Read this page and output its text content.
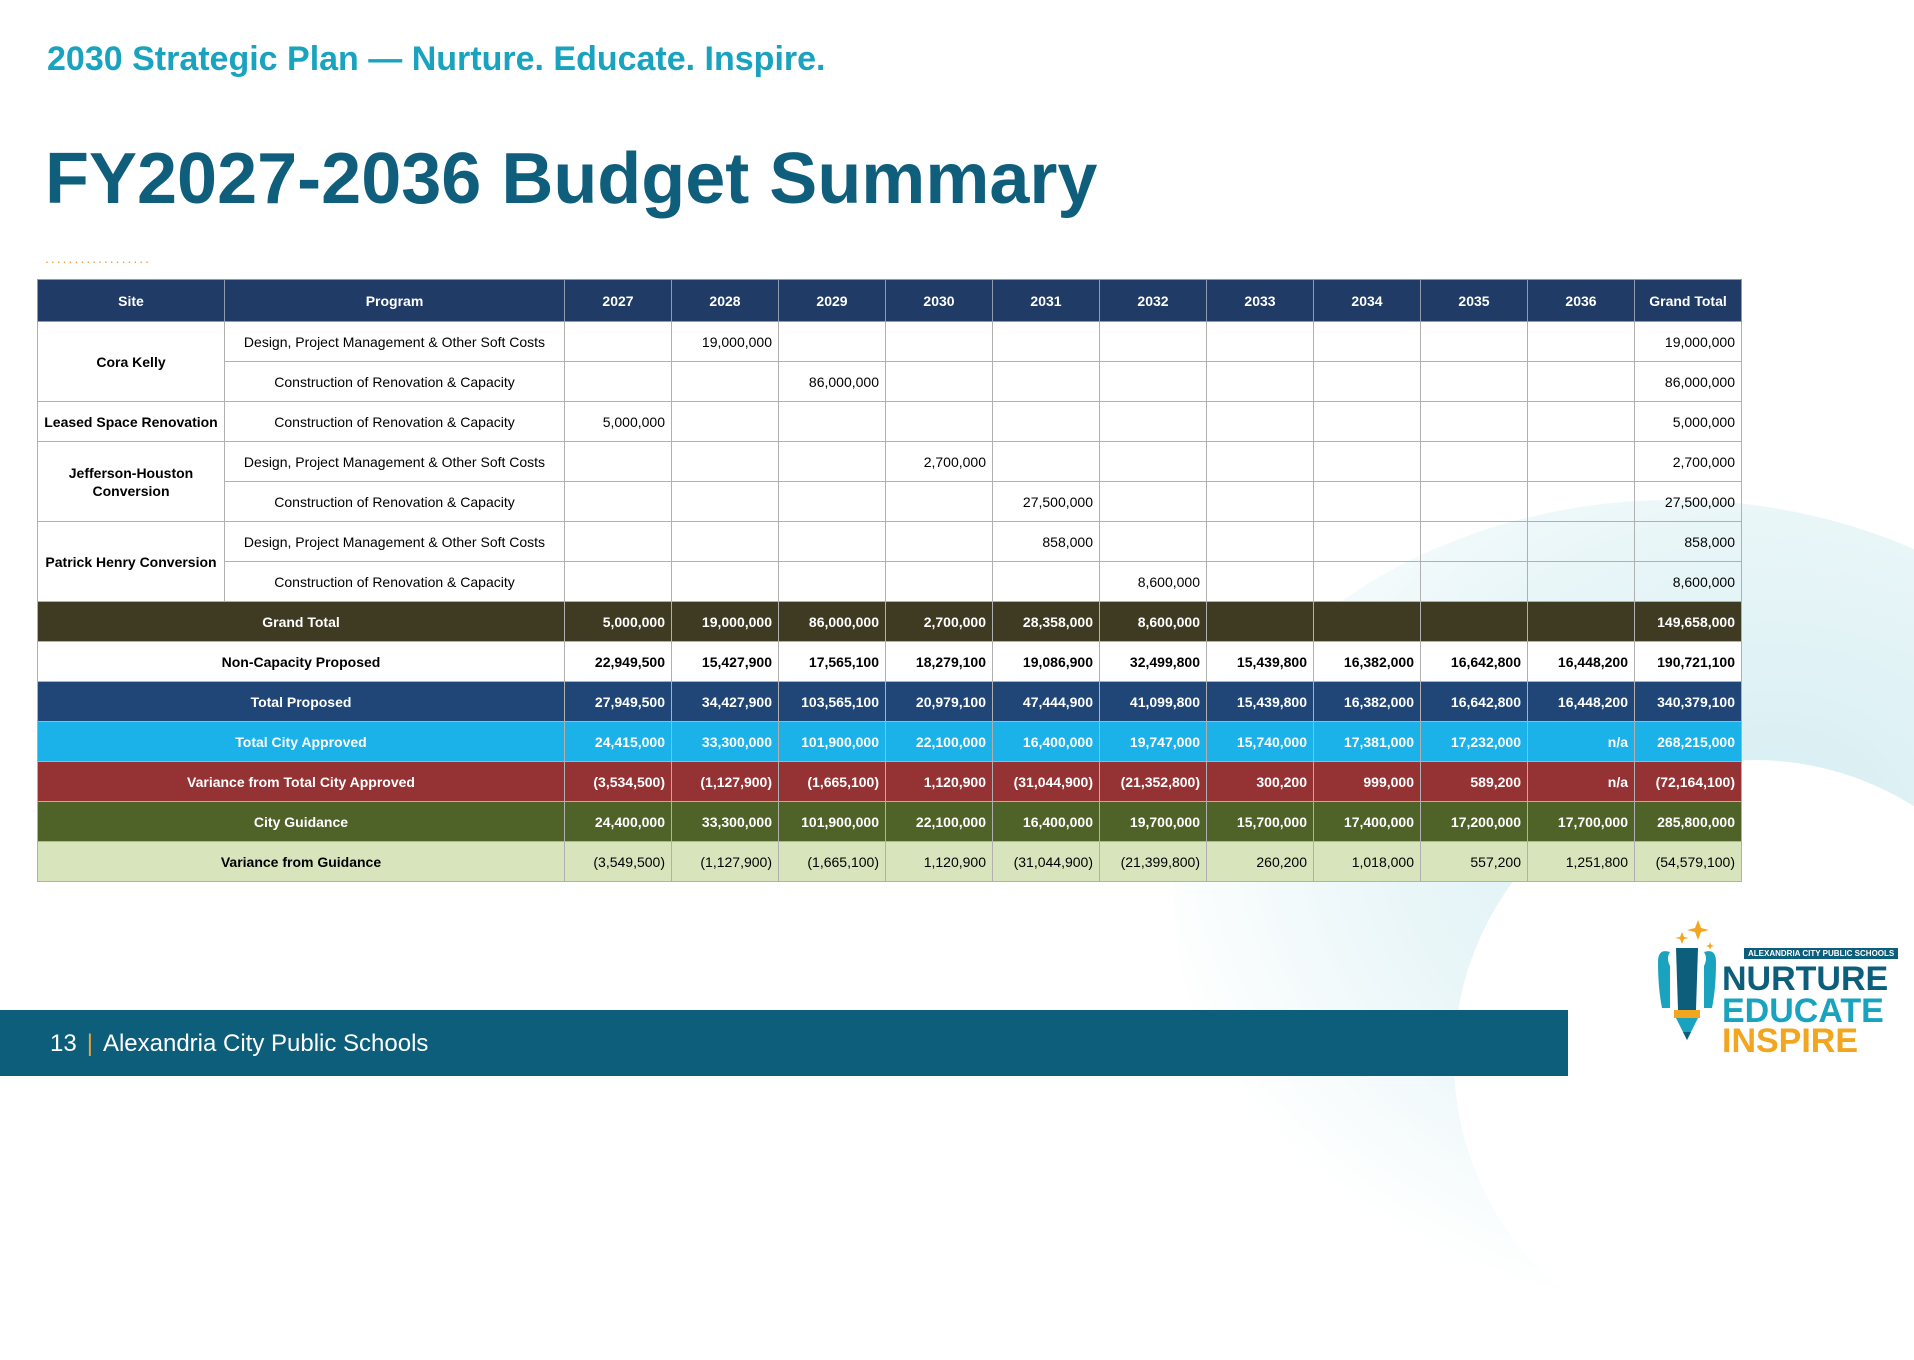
2030 Strategic Plan — Nurture. Educate. Inspire.
FY2027-2036 Budget Summary
..................
Site	Program	2027	2028	2029	2030	2031	2032	2033	2034	2035	2036	Grand Total
Cora Kelly	Design, Project Management & Other Soft Costs		19,000,000									19,000,000
	Construction of Renovation & Capacity			86,000,000								86,000,000
Leased Space Renovation	Construction of Renovation & Capacity	5,000,000										5,000,000
Jefferson-Houston Conversion	Design, Project Management & Other Soft Costs				2,700,000							2,700,000
	Construction of Renovation & Capacity					27,500,000						27,500,000
Patrick Henry Conversion	Design, Project Management & Other Soft Costs					858,000						858,000
	Construction of Renovation & Capacity						8,600,000					8,600,000
Grand Total		5,000,000	19,000,000	86,000,000	2,700,000	28,358,000	8,600,000					149,658,000
Non-Capacity Proposed		22,949,500	15,427,900	17,565,100	18,279,100	19,086,900	32,499,800	15,439,800	16,382,000	16,642,800	16,448,200	190,721,100
Total Proposed		27,949,500	34,427,900	103,565,100	20,979,100	47,444,900	41,099,800	15,439,800	16,382,000	16,642,800	16,448,200	340,379,100
Total City Approved		24,415,000	33,300,000	101,900,000	22,100,000	16,400,000	19,747,000	15,740,000	17,381,000	17,232,000	n/a	268,215,000
Variance from Total City Approved		(3,534,500)	(1,127,900)	(1,665,100)	1,120,900	(31,044,900)	(21,352,800)	300,200	999,000	589,200	n/a	(72,164,100)
City Guidance		24,400,000	33,300,000	101,900,000	22,100,000	16,400,000	19,700,000	15,700,000	17,400,000	17,200,000	17,700,000	285,800,000
Variance from Guidance		(3,549,500)	(1,127,900)	(1,665,100)	1,120,900	(31,044,900)	(21,399,800)	260,200	1,018,000	557,200	1,251,800	(54,579,100)
13 | Alexandria City Public Schools
ALEXANDRIA CITY PUBLIC SCHOOLS
NURTURE
EDUCATE
INSPIRE
